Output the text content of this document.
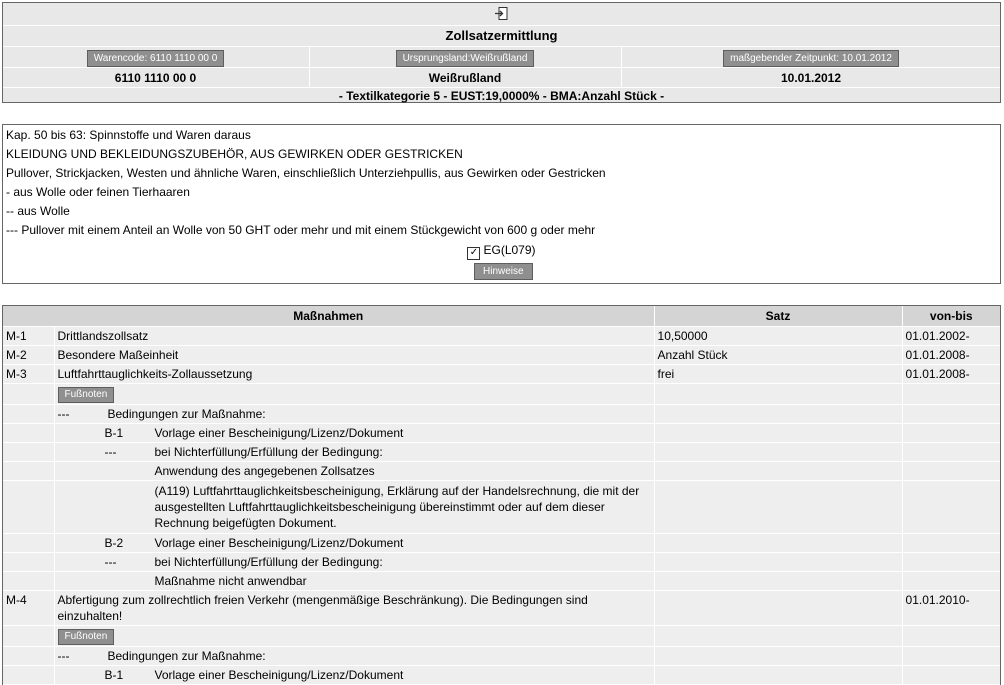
Zollsatzermittlung
Warencode: 6110 1110 00 0	Ursprungsland:Weißrußland	maßgebender Zeitpunkt: 10.01.2012
6110 1110 00 0	Weißrußland	10.01.2012
- Textilkategorie 5 - EUST:19,0000% - BMA:Anzahl Stück -
Kap. 50 bis 63: Spinnstoffe und Waren daraus
KLEIDUNG UND BEKLEIDUNGSZUBEHÖR, AUS GEWIRKEN ODER GESTRICKEN
Pullover, Strickjacken, Westen und ähnliche Waren, einschließlich Unterziehpullis, aus Gewirken oder Gestricken
- aus Wolle oder feinen Tierhaaren
-- aus Wolle
--- Pullover mit einem Anteil an Wolle von 50 GHT oder mehr und mit einem Stückgewicht von 600 g oder mehr
✓ EG(L079)
Hinweise
Maßnahmen		Satz	von-bis
M-1	Drittlandszollsatz	10,50000	01.01.2002-
M-2	Besondere Maßeinheit	Anzahl Stück	01.01.2008-
M-3	Luftfahrttauglichkeits-Zollaussetzung	frei	01.01.2008-
	Fußnoten		
	--- Bedingungen zur Maßnahme:		
	B-1 Vorlage einer Bescheinigung/Lizenz/Dokument		
	--- bei Nichterfüllung/Erfüllung der Bedingung:		
	Anwendung des angegebenen Zollsatzes		
	(A119) Luftfahrttauglichkeitsbescheinigung, Erklärung auf der Handelsrechnung, die mit der ausgestellten Luftfahrttauglichkeitsbescheinigung übereinstimmt oder auf dem dieser Rechnung beigefügten Dokument.		
	B-2 Vorlage einer Bescheinigung/Lizenz/Dokument		
	--- bei Nichterfüllung/Erfüllung der Bedingung:		
	Maßnahme nicht anwendbar		
M-4	Abfertigung zum zollrechtlich freien Verkehr (mengenmäßige Beschränkung). Die Bedingungen sind einzuhalten!		01.01.2010-
	Fußnoten		
	--- Bedingungen zur Maßnahme:		
	B-1 Vorlage einer Bescheinigung/Lizenz/Dokument		
